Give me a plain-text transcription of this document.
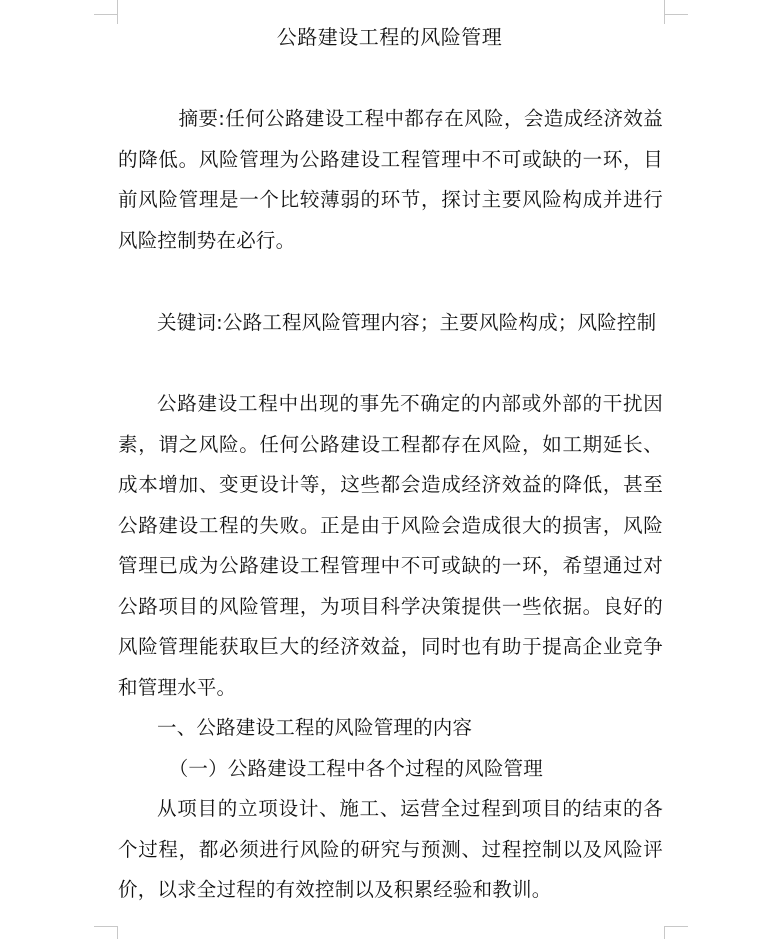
公路建设工程的风险管理

摘要:任何公路建设工程中都存在风险，会造成经济效益的降低。风险管理为公路建设工程管理中不可或缺的一环，目前风险管理是一个比较薄弱的环节，探讨主要风险构成并进行风险控制势在必行。

关键词:公路工程风险管理内容；主要风险构成；风险控制

公路建设工程中出现的事先不确定的内部或外部的干扰因素，谓之风险。任何公路建设工程都存在风险，如工期延长、成本增加、变更设计等，这些都会造成经济效益的降低，甚至公路建设工程的失败。正是由于风险会造成很大的损害，风险管理已成为公路建设工程管理中不可或缺的一环，希望通过对公路项目的风险管理，为项目科学决策提供一些依据。良好的风险管理能获取巨大的经济效益，同时也有助于提高企业竞争和管理水平。

一、公路建设工程的风险管理的内容

（一）公路建设工程中各个过程的风险管理

从项目的立项设计、施工、运营全过程到项目的结束的各个过程，都必须进行风险的研究与预测、过程控制以及风险评价，以求全过程的有效控制以及积累经验和教训。
